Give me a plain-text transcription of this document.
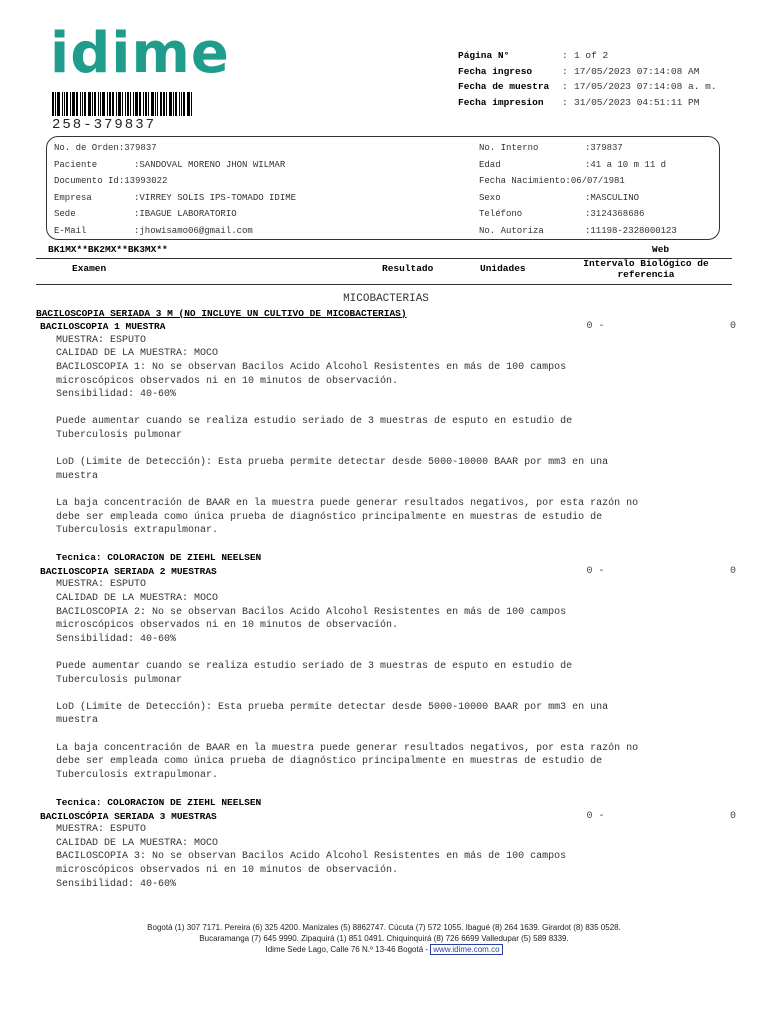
idime
258-379837
Página N°	: 1 of 2
Fecha ingreso	: 17/05/2023 07:14:08 AM
Fecha de muestra	: 17/05/2023 07:14:08 a. m.
Fecha impresion	: 31/05/2023 04:51:11 PM
No. de Orden : 379837
Paciente	: SANDOVAL MORENO JHON WILMAR
Documento Id : 13993022
Empresa	: VIRREY SOLIS IPS-TOMADO IDIME
Sede	: IBAGUE LABORATORIO
E-Mail	: jhowisamo06@gmail.com
No. Interno	: 379837
Edad	: 41 a 10 m 11 d
Fecha Nacimiento : 06/07/1981
Sexo	: MASCULINO
Teléfono	: 3124368686
No. Autoriza	: 11198-2328000123
BK1MX**BK2MX**BK3MX**	Web
Examen	Resultado	Unidades	Intervalo Biológico de
referencia
MICOBACTERIAS
BACILOSCOPIA SERIADA 3 M (NO INCLUYE UN CULTIVO DE MICOBACTERIAS)
BACILOSCOPIA 1 MUESTRA	0 -	0
MUESTRA: ESPUTO
CALIDAD DE LA MUESTRA: MOCO
BACILOSCOPIA 1: No se observan Bacilos Acido Alcohol Resistentes en más de 100 campos
microscópicos observados ni en 10 minutos de observación.
Sensibilidad: 40-60%
Puede aumentar cuando se realiza estudio seriado de 3 muestras de esputo en estudio de
Tuberculosis pulmonar
LoD (Limite de Detección): Esta prueba permite detectar desde 5000-10000 BAAR por mm3 en una
muestra
La baja concentración de BAAR en la muestra puede generar resultados negativos, por esta razón no
debe ser empleada como única prueba de diagnóstico principalmente en muestras de estudio de
Tuberculosis extrapulmonar.
Tecnica: COLORACION DE ZIEHL NEELSEN
BACILOSCOPIA SERIADA 2 MUESTRAS	0 -	0
MUESTRA: ESPUTO
CALIDAD DE LA MUESTRA: MOCO
BACILOSCOPIA 2: No se observan Bacilos Acido Alcohol Resistentes en más de 100 campos
microscópicos observados ni en 10 minutos de observación.
Sensibilidad: 40-60%
Puede aumentar cuando se realiza estudio seriado de 3 muestras de esputo en estudio de
Tuberculosis pulmonar
LoD (Limite de Detección): Esta prueba permite detectar desde 5000-10000 BAAR por mm3 en una
muestra
La baja concentración de BAAR en la muestra puede generar resultados negativos, por esta razón no
debe ser empleada como única prueba de diagnóstico principalmente en muestras de estudio de
Tuberculosis extrapulmonar.
Tecnica: COLORACION DE ZIEHL NEELSEN
BACILOSCÓPIA SERIADA 3 MUESTRAS	0 -	0
MUESTRA: ESPUTO
CALIDAD DE LA MUESTRA: MOCO
BACILOSCOPIA 3: No se observan Bacilos Acido Alcohol Resistentes en más de 100 campos
microscópicos observados ni en 10 minutos de observación.
Sensibilidad: 40-60%
Bogotá (1) 307 7171. Pereira (6) 325 4200. Manizales (5) 8862747. Cúcuta (7) 572 1055. Ibagué (8) 264 1639. Girardot (8) 835 0528.
Bucaramanga (7) 645 9990. Zipaquirá (1) 851 0491. Chiquinquirá (8) 726 6699 Valledupar (5) 589 8339.
Idime Sede Lago, Calle 76 N.º 13-46 Bogotá - www.idime.com.co
